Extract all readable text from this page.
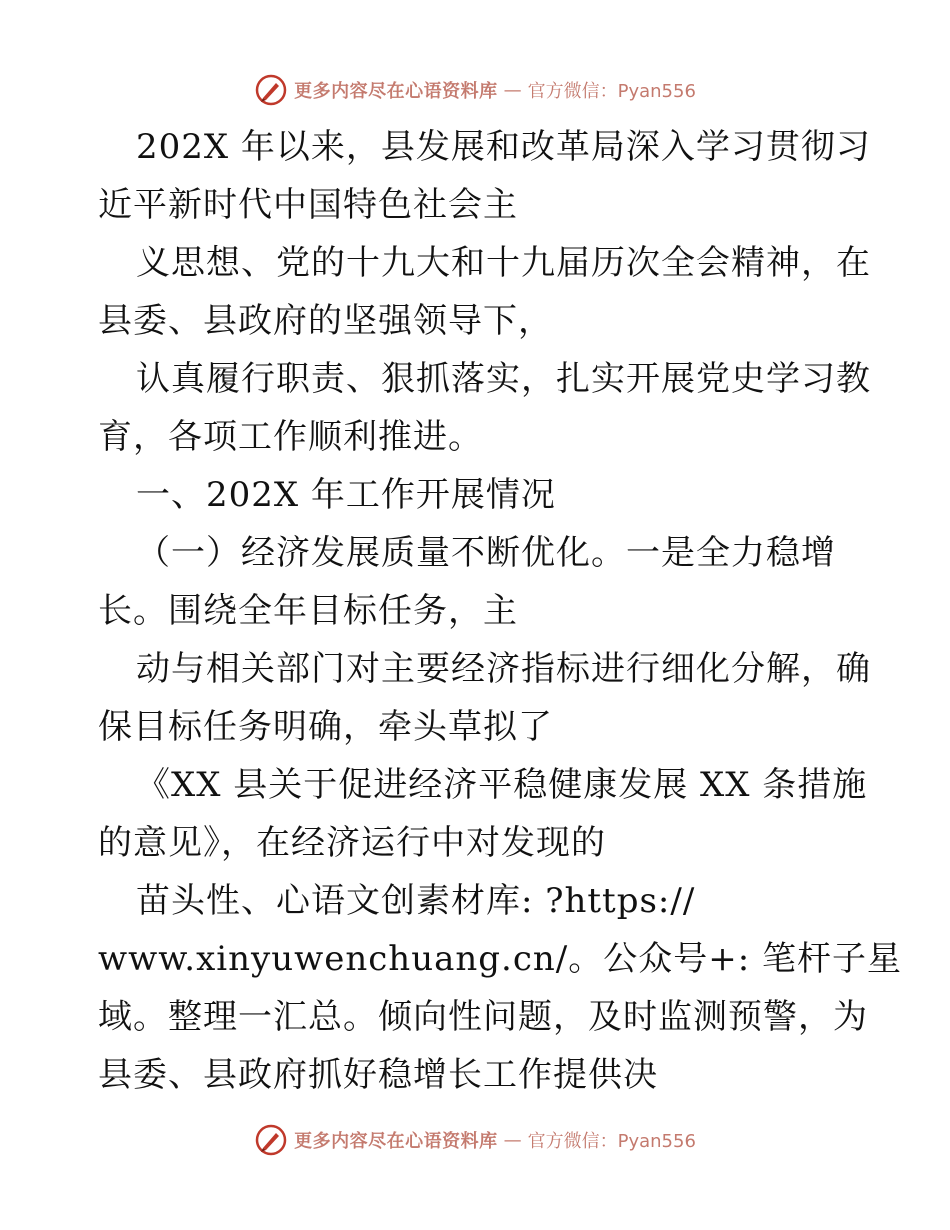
更多内容尽在心语资料库 — 官方微信：Pyan556
202X 年以来，县发展和改革局深入学习贯彻习
近平新时代中国特色社会主
义思想、党的十九大和十九届历次全会精神，在
县委、县政府的坚强领导下，
认真履行职责、狠抓落实，扎实开展党史学习教
育，各项工作顺利推进。
一、202X 年工作开展情况
（一）经济发展质量不断优化。一是全力稳增
长。围绕全年目标任务，主
动与相关部门对主要经济指标进行细化分解，确
保目标任务明确，牵头草拟了
《XX 县关于促进经济平稳健康发展 XX 条措施
的意见》，在经济运行中对发现的
苗头性、心语文创素材库: ?https://
www.xinyuwenchuang.cn/。公众号+: 笔杆子星
域。整理一汇总。倾向性问题，及时监测预警，为
县委、县政府抓好稳增长工作提供决
更多内容尽在心语资料库 — 官方微信：Pyan556
